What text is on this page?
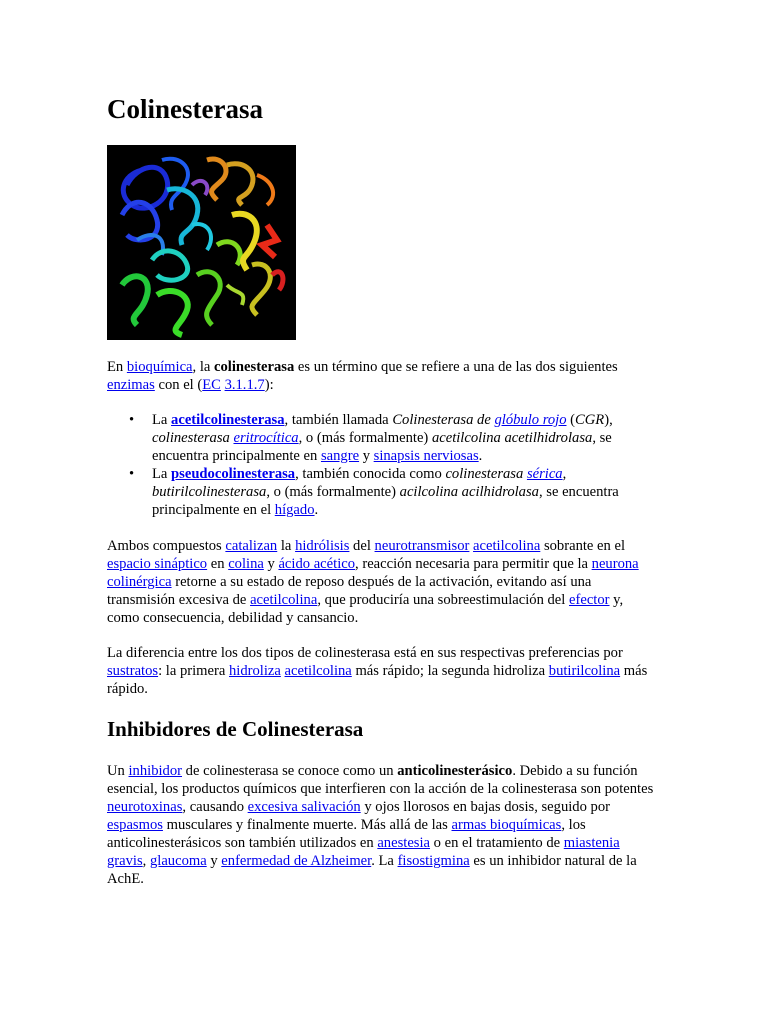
Colinesterasa

En bioquímica, la colinesterasa es un término que se refiere a una de las dos siguientes enzimas con el (EC 3.1.1.7):

• La acetilcolinesterasa, también llamada Colinesterasa de glóbulo rojo (CGR), colinesterasa eritrocítica, o (más formalmente) acetilcolina acetilhidrolasa, se encuentra principalmente en sangre y sinapsis nerviosas.
• La pseudocolinesterasa, también conocida como colinesterasa sérica, butirilcolinesterasa, o (más formalmente) acilcolina acilhidrolasa, se encuentra principalmente en el hígado.

Ambos compuestos catalizan la hidrólisis del neurotransmisor acetilcolina sobrante en el espacio sináptico en colina y ácido acético, reacción necesaria para permitir que la neurona colinérgica retorne a su estado de reposo después de la activación, evitando así una transmisión excesiva de acetilcolina, que produciría una sobreestimulación del efector y, como consecuencia, debilidad y cansancio.

La diferencia entre los dos tipos de colinesterasa está en sus respectivas preferencias por sustratos: la primera hidroliza acetilcolina más rápido; la segunda hidroliza butirilcolina más rápido.

Inhibidores de Colinesterasa

Un inhibidor de colinesterasa se conoce como un anticolinesterásico. Debido a su función esencial, los productos químicos que interfieren con la acción de la colinesterasa son potentes neurotoxinas, causando excesiva salivación y ojos llorosos en bajas dosis, seguido por espasmos musculares y finalmente muerte. Más allá de las armas bioquímicas, los anticolinesterásicos son también utilizados en anestesia o en el tratamiento de miastenia gravis, glaucoma y enfermedad de Alzheimer. La fisostigmina es un inhibidor natural de la AchE.
